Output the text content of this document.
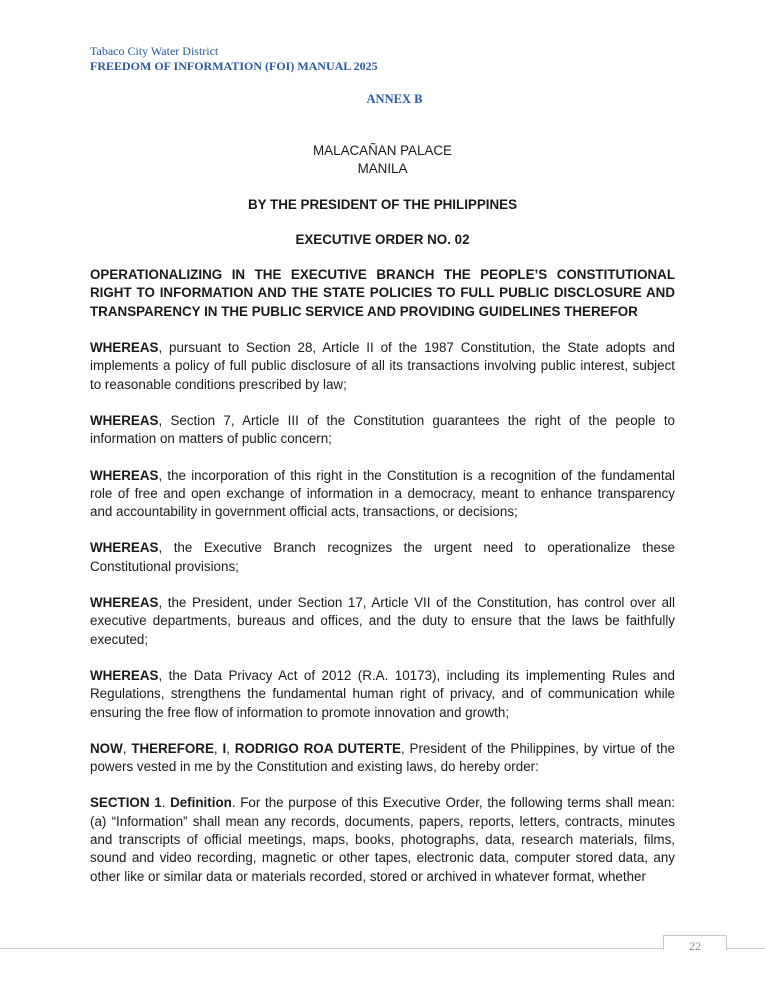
Tabaco City Water District
FREEDOM OF INFORMATION (FOI) MANUAL 2025
ANNEX B

MALACAÑAN PALACE

MANILA

BY THE PRESIDENT OF THE PHILIPPINES

EXECUTIVE ORDER NO. 02

OPERATIONALIZING IN THE EXECUTIVE BRANCH THE PEOPLE’S CONSTITUTIONAL RIGHT TO INFORMATION AND THE STATE POLICIES TO FULL PUBLIC DISCLOSURE AND TRANSPARENCY IN THE PUBLIC SERVICE AND PROVIDING GUIDELINES THEREFOR

WHEREAS, pursuant to Section 28, Article II of the 1987 Constitution, the State adopts and implements a policy of full public disclosure of all its transactions involving public interest, subject to reasonable conditions prescribed by law;

WHEREAS, Section 7, Article III of the Constitution guarantees the right of the people to information on matters of public concern;

WHEREAS, the incorporation of this right in the Constitution is a recognition of the fundamental role of free and open exchange of information in a democracy, meant to enhance transparency and accountability in government official acts, transactions, or decisions;

WHEREAS, the Executive Branch recognizes the urgent need to operationalize these Constitutional provisions;

WHEREAS, the President, under Section 17, Article VII of the Constitution, has control over all executive departments, bureaus and offices, and the duty to ensure that the laws be faithfully executed;

WHEREAS, the Data Privacy Act of 2012 (R.A. 10173), including its implementing Rules and Regulations, strengthens the fundamental human right of privacy, and of communication while ensuring the free flow of information to promote innovation and growth;

NOW, THEREFORE, I, RODRIGO ROA DUTERTE, President of the Philippines, by virtue of the powers vested in me by the Constitution and existing laws, do hereby order:

SECTION 1. Definition. For the purpose of this Executive Order, the following terms shall mean: (a) “Information” shall mean any records, documents, papers, reports, letters, contracts, minutes and transcripts of official meetings, maps, books, photographs, data, research materials, films, sound and video recording, magnetic or other tapes, electronic data, computer stored data, any other like or similar data or materials recorded, stored or archived in whatever format, whether

22
